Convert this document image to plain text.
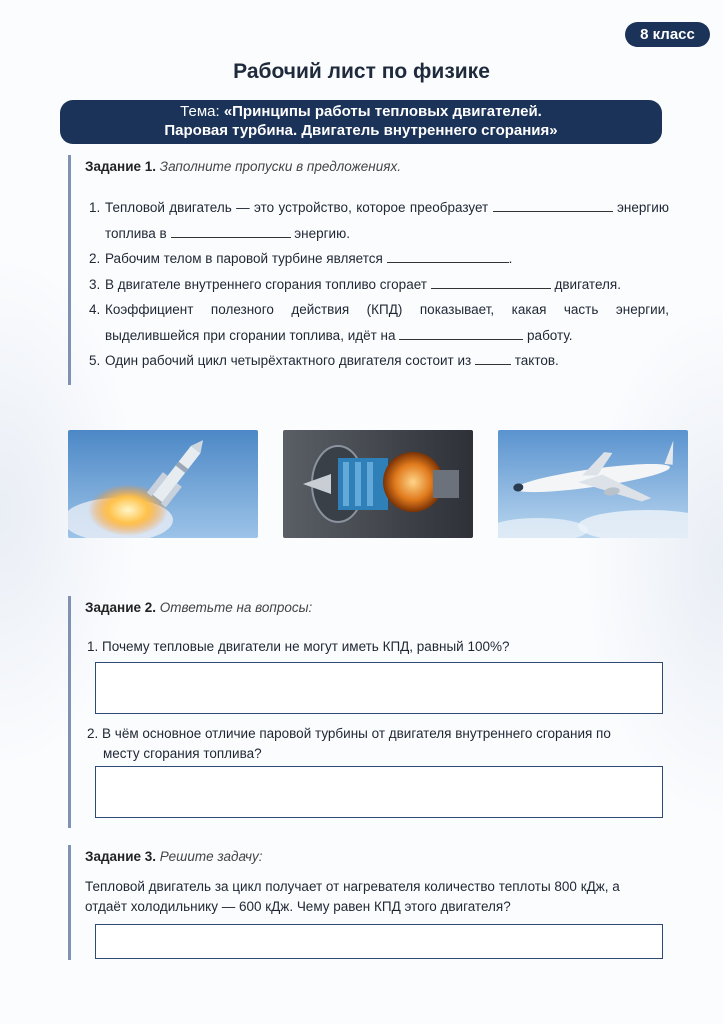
8 класс
Рабочий лист по физике
Тема: «Принципы работы тепловых двигателей.
Паровая турбина. Двигатель внутреннего сгорания»
Задание 1. Заполните пропуски в предложениях.
1. Тепловой двигатель — это устройство, которое преобразует	энергию топлива в	энергию.
2. Рабочим телом в паровой турбине является	.
3. В двигателе внутреннего сгорания топливо сгорает	двигателя.
4. Коэффициент полезного действия (КПД) показывает, какая часть энергии, выделившейся при сгорании топлива, идёт на	работу.
5. Один рабочий цикл четырёхтактного двигателя состоит из	тактов.
Задание 2. Ответьте на вопросы:
1. Почему тепловые двигатели не могут иметь КПД, равный 100%?
2. В чём основное отличие паровой турбины от двигателя внутреннего сгорания по
месту сгорания топлива?
Задание 3. Решите задачу:
Тепловой двигатель за цикл получает от нагревателя количество теплоты 800 кДж, а
отдаёт холодильнику — 600 кДж. Чему равен КПД этого двигателя?
